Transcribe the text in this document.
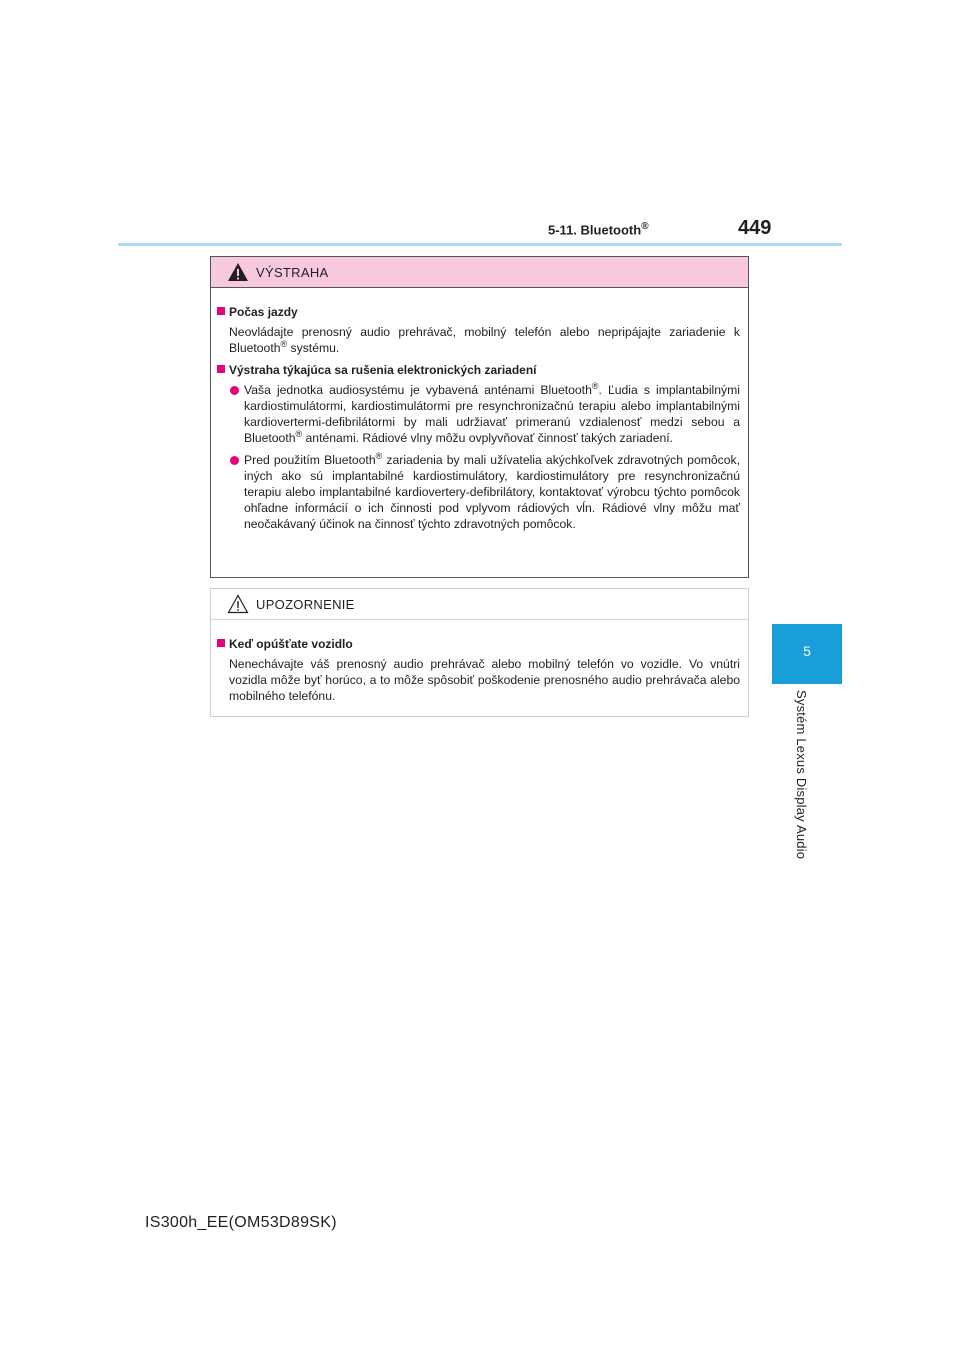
5-11. Bluetooth®	449
5
Systém Lexus Display Audio
VÝSTRAHA
Počas jazdy
Neovládajte prenosný audio prehrávač, mobilný telefón alebo nepripájajte zariadenie k Bluetooth® systému.
Výstraha týkajúca sa rušenia elektronických zariadení
Vaša jednotka audiosystému je vybavená anténami Bluetooth®. Ľudia s implantabilnými kardiostimulátormi, kardiostimulátormi pre resynchronizačnú terapiu alebo implantabilnými kardiovertermi-defibrilátormi by mali udržiavať primeranú vzdialenosť medzi sebou a Bluetooth® anténami. Rádiové vlny môžu ovplyvňovať činnosť takých zariadení.
Pred použitím Bluetooth® zariadenia by mali užívatelia akýchkoľvek zdravotných pomôcok, iných ako sú implantabilné kardiostimulátory, kardiostimulátory pre resynchronizačnú terapiu alebo implantabilné kardiovertery-defibrilátory, kontaktovať výrobcu týchto pomôcok ohľadne informácií o ich činnosti pod vplyvom rádiových vĺn. Rádiové vlny môžu mať neočakávaný účinok na činnosť týchto zdravotných pomôcok.
UPOZORNENIE
Keď opúšťate vozidlo
Nenechávajte váš prenosný audio prehrávač alebo mobilný telefón vo vozidle. Vo vnútri vozidla môže byť horúco, a to môže spôsobiť poškodenie prenosného audio prehrávača alebo mobilného telefónu.
IS300h_EE(OM53D89SK)
